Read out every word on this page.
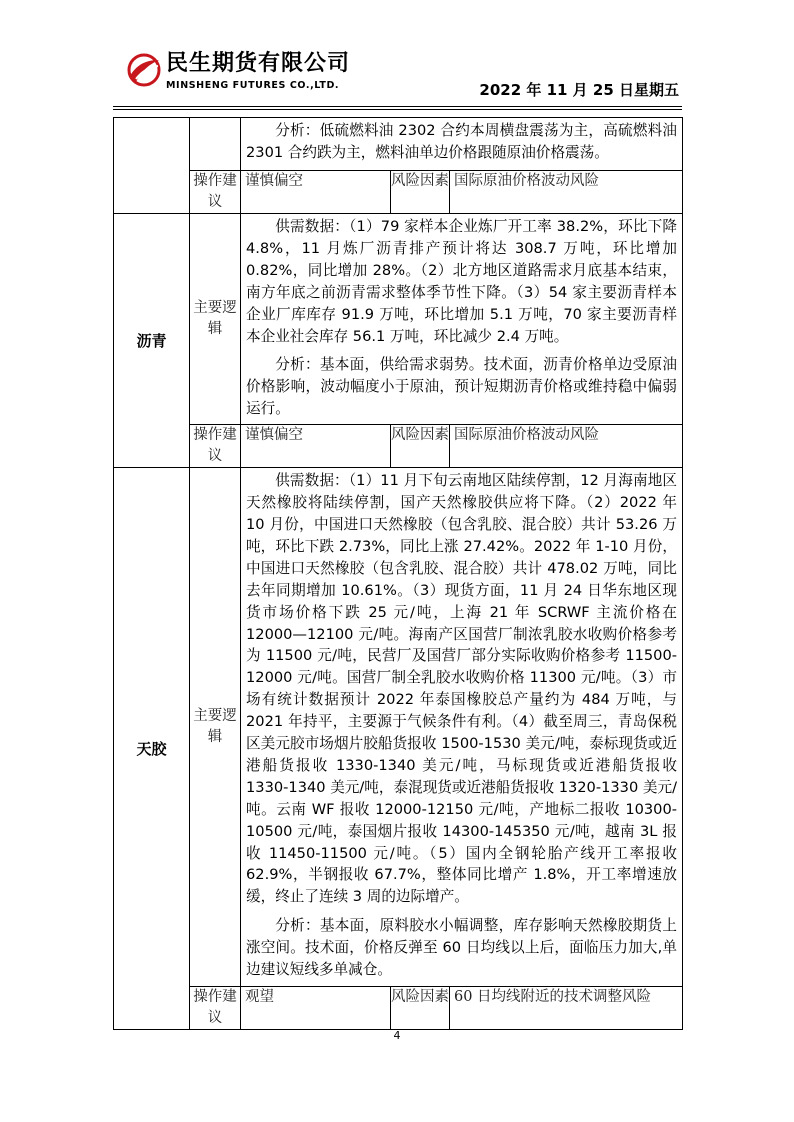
民生期货有限公司
MINSHENG FUTURES CO.,LTD.	2022 年 11 月 25 日星期五

		分析：低硫燃料油 2302 合约本周横盘震荡为主，高硫燃料油 2301 合约跌为主，燃料油单边价格跟随原油价格震荡。		

	操作建议	谨慎偏空	风险因素	国际原油价格波动风险
沥青	主要逻辑	供需数据：（1）79 家样本企业炼厂开工率 38.2%，环比下降 4.8%，11 月炼厂沥青排产预计将达 308.7 万吨，环比增加 0.82%，同比增加 28%。（2）北方地区道路需求月底基本结束，南方年底之前沥青需求整体季节性下降。（3）54 家主要沥青样本企业厂库库存 91.9 万吨，环比增加 5.1 万吨，70 家主要沥青样本企业社会库存 56.1 万吨，环比减少 2.4 万吨。

分析：基本面，供给需求弱势。技术面，沥青价格单边受原油价格影响，波动幅度小于原油，预计短期沥青价格或维持稳中偏弱运行。		

	操作建议	谨慎偏空	风险因素	国际原油价格波动风险
天胶	主要逻辑	供需数据：（1）11 月下旬云南地区陆续停割，12 月海南地区天然橡胶将陆续停割，国产天然橡胶供应将下降。（2）2022 年 10 月份，中国进口天然橡胶（包含乳胶、混合胶）共计 53.26 万吨，环比下跌 2.73%，同比上涨 27.42%。2022 年 1-10 月份，中国进口天然橡胶（包含乳胶、混合胶）共计 478.02 万吨，同比去年同期增加 10.61%。（3）现货方面，11 月 24 日华东地区现货市场价格下跌 25 元/吨，上海 21 年 SCRWF 主流价格在 12000—12100 元/吨。海南产区国营厂制浓乳胶水收购价格参考为 11500 元/吨，民营厂及国营厂部分实际收购价格参考 11500-12000 元/吨。国营厂制全乳胶水收购价格 11300 元/吨。（3）市场有统计数据预计 2022 年泰国橡胶总产量约为 484 万吨，与 2021 年持平，主要源于气候条件有利。（4）截至周三，青岛保税区美元胶市场烟片胶船货报收 1500-1530 美元/吨，泰标现货或近港船货报收 1330-1340 美元/吨，马标现货或近港船货报收 1330-1340 美元/吨，泰混现货或近港船货报收 1320-1330 美元/吨。云南 WF 报收 12000-12150 元/吨，产地标二报收 10300-10500 元/吨，泰国烟片报收 14300-145350 元/吨，越南 3L 报收 11450-11500 元/吨。（5）国内全钢轮胎产线开工率报收 62.9%，半钢报收 67.7%，整体同比增产 1.8%，开工率增速放缓，终止了连续 3 周的边际增产。

分析：基本面，原料胶水小幅调整，库存影响天然橡胶期货上涨空间。技术面，价格反弹至 60 日均线以上后，面临压力加大,单边建议短线多单减仓。		

	操作建议	观望	风险因素	60 日均线附近的技术调整风险
4
